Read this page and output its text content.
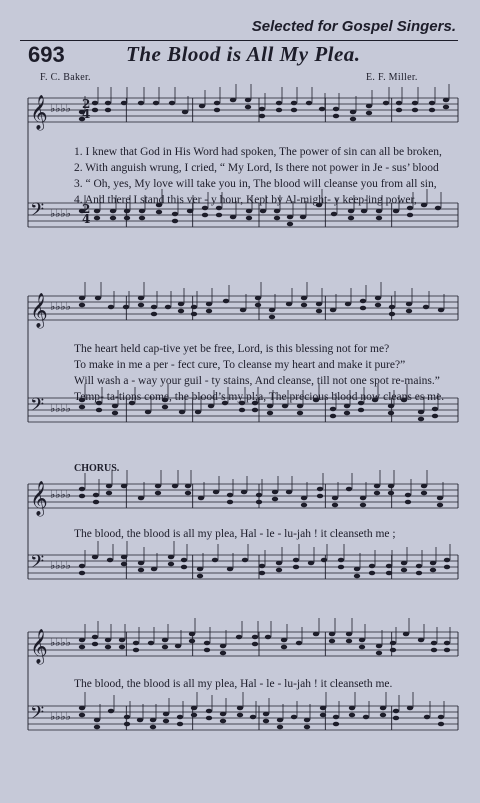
Selected for Gospel Singers.
693	The Blood is All My Plea.
F. C. Baker.	E. F. Miller.
𝄞 ♭♭♭♭
𝄢 ♭♭♭♭
𝄞 ♭♭♭♭
𝄢 ♭♭♭♭
𝄞 ♭♭♭♭
𝄢 ♭♭♭♭
𝄞 ♭♭♭♭
𝄢 ♭♭♭♭
2
4
2
4
1. I knew that God in His Word had spoken, The power of sin can all be broken,
2. With anguish wrung, I cried, “ My Lord, Is there not power in Je - sus’ blood
3. “ Oh, yes, My love will take you in, The blood will cleanse you from all sin,
4. And there I stand this ver - y hour, Kept by Al-might- y keep-ing power,
The heart held cap-tive yet be free, Lord, is this blessing not for me?
To make in me a per - fect cure, To cleanse my heart and make it pure?”
Will wash a - way your guil - ty stains, And cleanse, till not one spot re-mains.”
Temp- ta-tions come, the blood’s my pl;a, The precious blood now cleans es me.
CHORUS.
The blood, the blood is all my plea, Hal - le - lu-jah ! it cleanseth me ;
The blood, the blood is all my plea, Hal - le - lu-jah ! it cleanseth me.
